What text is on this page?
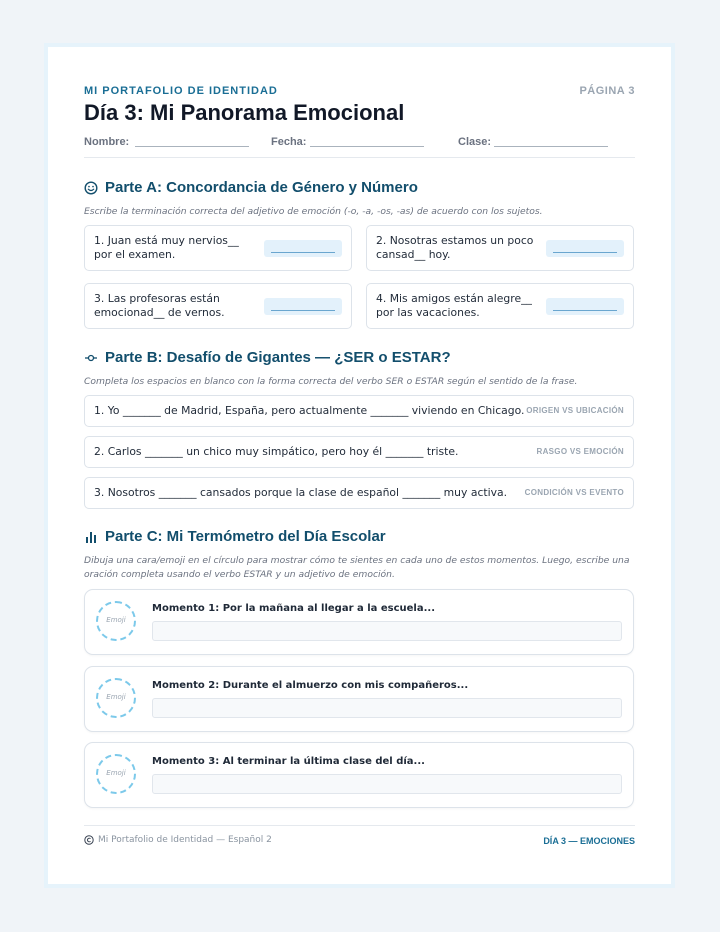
MI PORTAFOLIO DE IDENTIDAD	PÁGINA 3
Día 3: Mi Panorama Emocional
Nombre:	Fecha:	Clase:
Parte A: Concordancia de Género y Número
Escribe la terminación correcta del adjetivo de emoción (-o, -a, -os, -as) de acuerdo con los sujetos.
1. Juan está muy nervios__ por el examen.
2. Nosotras estamos un poco cansad__ hoy.
3. Las profesoras están emocionad__ de vernos.
4. Mis amigos están alegre__ por las vacaciones.
Parte B: Desafío de Gigantes — ¿SER o ESTAR?
Completa los espacios en blanco con la forma correcta del verbo SER o ESTAR según el sentido de la frase.
1. Yo _______ de Madrid, España, pero actualmente _______ viviendo en Chicago. ORIGEN VS UBICACIÓN
2. Carlos _______ un chico muy simpático, pero hoy él _______ triste.	RASGO VS EMOCIÓN
3. Nosotros _______ cansados porque la clase de español _______ muy activa. CONDICIÓN VS EVENTO
Parte C: Mi Termómetro del Día Escolar
Dibuja una cara/emoji en el círculo para mostrar cómo te sientes en cada uno de estos momentos. Luego, escribe una oración completa usando el verbo ESTAR y un adjetivo de emoción.
Emoji
Momento 1: Por la mañana al llegar a la escuela...
Emoji
Momento 2: Durante el almuerzo con mis compañeros...
Emoji
Momento 3: Al terminar la última clase del día...
Mi Portafolio de Identidad — Español 2	DÍA 3 — EMOCIONES
